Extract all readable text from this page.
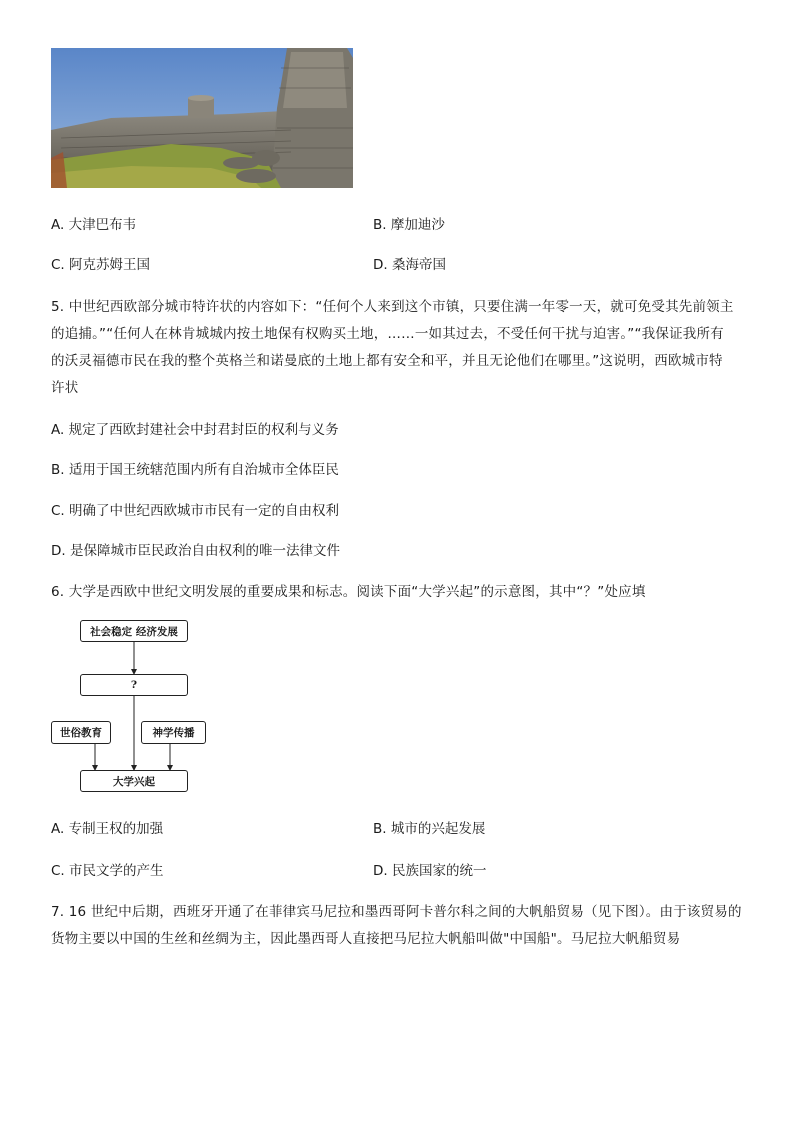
A. 大津巴布韦	B. 摩加迪沙
C. 阿克苏姆王国	D. 桑海帝国
5. 中世纪西欧部分城市特许状的内容如下：“任何个人来到这个市镇，只要住满一年零一天，就可免受其先前领主
的追捕。”“任何人在林肯城城内按土地保有权购买土地，……一如其过去，不受任何干扰与迫害。”“我保证我所有
的沃灵福德市民在我的整个英格兰和诺曼底的土地上都有安全和平，并且无论他们在哪里。”这说明，西欧城市特
许状
A. 规定了西欧封建社会中封君封臣的权利与义务
B. 适用于国王统辖范围内所有自治城市全体臣民
C. 明确了中世纪西欧城市市民有一定的自由权利
D. 是保障城市臣民政治自由权利的唯一法律文件
6. 大学是西欧中世纪文明发展的重要成果和标志。阅读下面“大学兴起”的示意图，其中“？”处应填
社会稳定 经济发展
?
世俗教育	神学传播
大学兴起
A. 专制王权的加强	B. 城市的兴起发展
C. 市民文学的产生	D. 民族国家的统一
7. 16 世纪中后期，西班牙开通了在菲律宾马尼拉和墨西哥阿卡普尔科之间的大帆船贸易（见下图）。由于该贸易的
货物主要以中国的生丝和丝绸为主，因此墨西哥人直接把马尼拉大帆船叫做"中国船"。马尼拉大帆船贸易
